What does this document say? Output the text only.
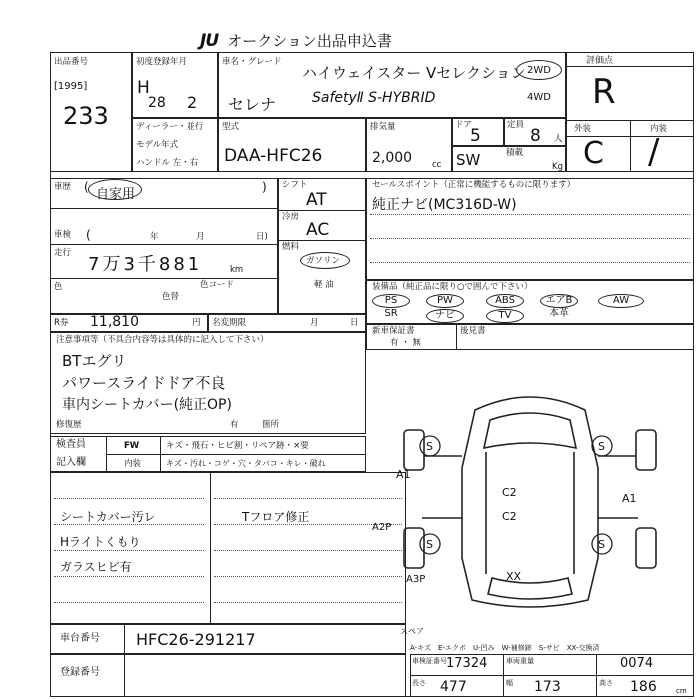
JU オークション出品申込書
出品番号
[1995]
233
初度登録年月
H
28 2
車名・グレード
セレナ
ハイウェイスター Vセレクション
SafetyⅡ S-HYBRID
2WD
4WD
評価点
R
外装	内装
C /
ディーラー・並行
モデル年式
ハンドル 左・右
型式
DAA-HFC26
排気量
2,000 cc
ドア
5
定員
8 人
SW	積載
Kg
車歴 ( 自家用	)
車検 (	年	月	日)
走行
7万3千881	km
色
色替
色コード
シフト
AT
冷房
AC
燃料
ガソリン
軽 油
セールスポイント（正常に機能するものに限ります）
純正ナビ(MC316D-W)
装備品（純正品に限り○で囲んで下さい）
PS	PW	ABS	エアB	AW
SR	ナビ	TV	本革
R券 11,810	円 名変期限	月	日
新車保証書
有 ・ 無
後見書
注意事項等（不具合内容等は具体的に記入して下さい）
BTエグリ
パワースライドドア不良
車内シートカバー(純正OP)
修復歴	有	箇所
検査員
記入欄
FW	キズ・飛石・ヒビ割・リペア跡・×要
内装	キズ・汚れ・コゲ・穴・タバコ・キレ・破れ
シートカバー汚レ
Hライトくもり
ガラスヒビ有
Tフロア修正
S	S
S	S
C2
C2
XX
A1
A1
A2P
A3P
スペア
車台番号 HFC26-291217
登録番号
A-キズ　E-エクボ　U-凹み　W-補修跡　S-サビ　XX-交換済
車検証番号 17324	車両重量	0074
長さ 477	幅 173	高さ 186	cm
